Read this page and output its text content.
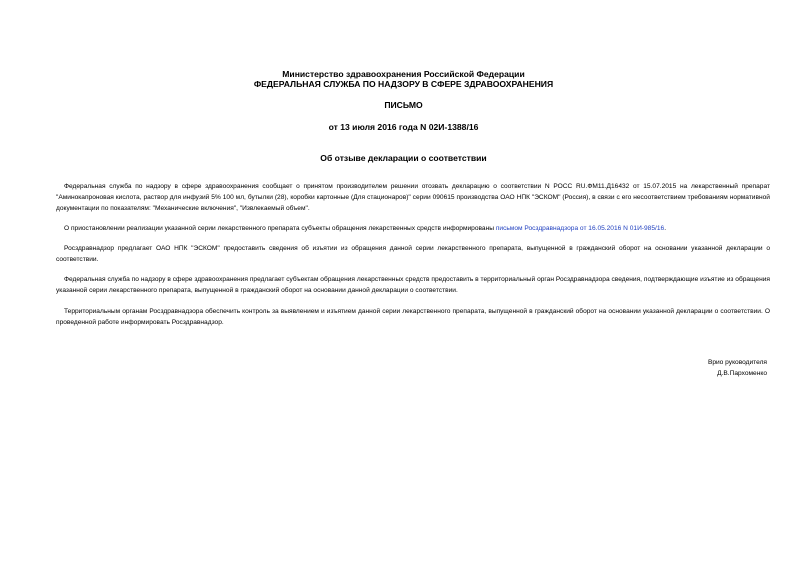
Министерство здравоохранения Российской Федерации
ФЕДЕРАЛЬНАЯ СЛУЖБА ПО НАДЗОРУ В СФЕРЕ ЗДРАВООХРАНЕНИЯ
ПИСЬМО
от 13 июля 2016 года N 02И-1388/16
Об отзыве декларации о соответствии
Федеральная служба по надзору в сфере здравоохранения сообщает о принятом производителем решении отозвать декларацию о соответствии N РОСС RU.ФМ11.Д16432 от 15.07.2015 на лекарственный препарат "Аминокапроновая кислота, раствор для инфузий 5% 100 мл, бутылки (28), коробки картонные (Для стационаров)" серии 090615 производства ОАО НПК "ЭСКОМ" (Россия), в связи с его несоответствием требованиям нормативной документации по показателям: "Механические включения", "Извлекаемый объем".
О приостановлении реализации указанной серии лекарственного препарата субъекты обращения лекарственных средств информированы письмом Росздравнадзора от 16.05.2016 N 01И-985/16.
Росздравнадзор предлагает ОАО НПК "ЭСКОМ" предоставить сведения об изъятии из обращения данной серии лекарственного препарата, выпущенной в гражданский оборот на основании указанной декларации о соответствии.
Федеральная служба по надзору в сфере здравоохранения предлагает субъектам обращения лекарственных средств предоставить в территориальный орган Росздравнадзора сведения, подтверждающие изъятие из обращения указанной серии лекарственного препарата, выпущенной в гражданский оборот на основании данной декларации о соответствии.
Территориальным органам Росздравнадзора обеспечить контроль за выявлением и изъятием данной серии лекарственного препарата, выпущенной в гражданский оборот на основании указанной декларации о соответствии. О проведенной работе информировать Росздравнадзор.
Врио руководителя
Д.В.Пархоменко
